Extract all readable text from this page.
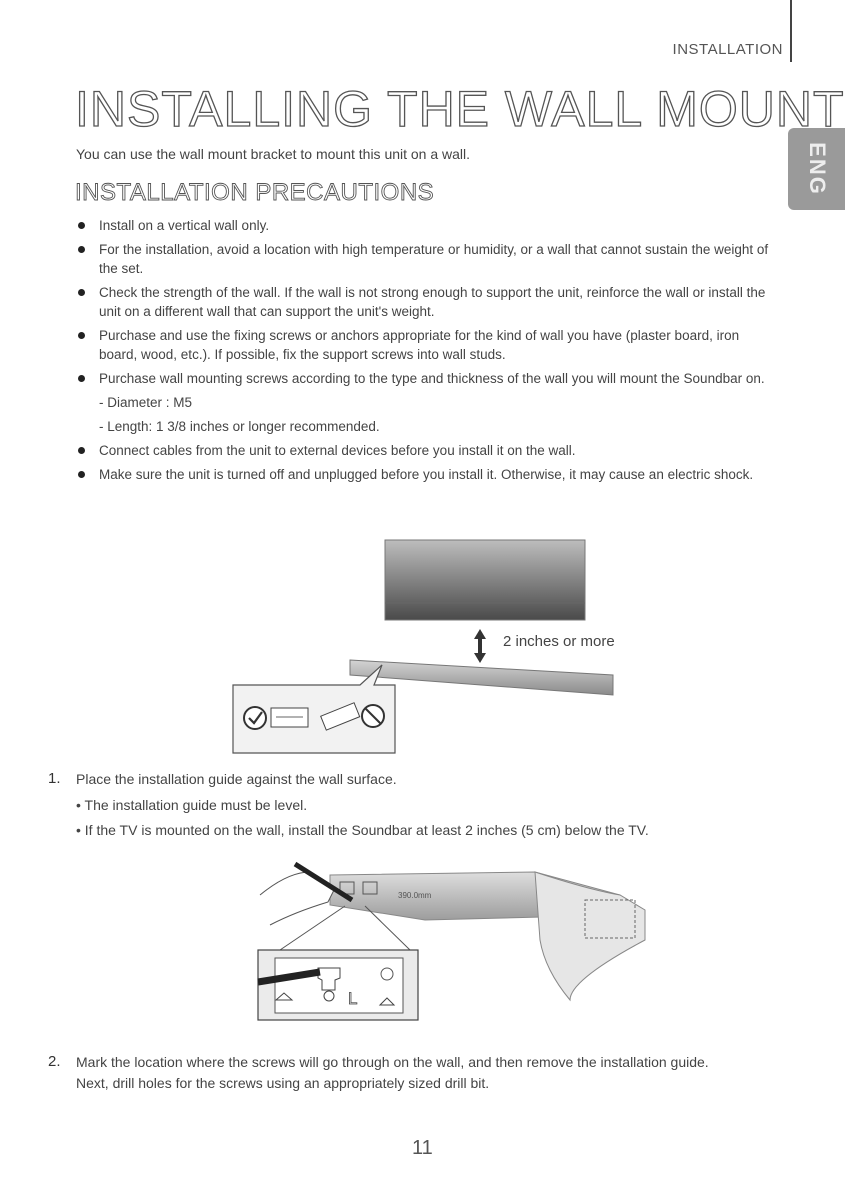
INSTALLATION
ENG
INSTALLING THE WALL MOUNT
You can use the wall mount bracket to mount this unit on a wall.
INSTALLATION PRECAUTIONS
Install on a vertical wall only.
For the installation, avoid a location with high temperature or humidity, or a wall that cannot sustain the weight of the set.
Check the strength of the wall. If the wall is not strong enough to support the unit, reinforce the wall or install the unit on a different wall that can support the unit's weight.
Purchase and use the fixing screws or anchors appropriate for the kind of wall you have (plaster board, iron board, wood, etc.). If possible, fix the support screws into wall studs.
Purchase wall mounting screws according to the type and thickness of the wall you will mount the Soundbar on.
- Diameter : M5
- Length: 1 3/8 inches or longer recommended.
Connect cables from the unit to external devices before you install it on the wall.
Make sure the unit is turned off and unplugged before you install it. Otherwise, it may cause an electric shock.
2 inches or more
1. Place the installation guide against the wall surface.
• The installation guide must be level.
• If the TV is mounted on the wall, install the Soundbar at least 2 inches (5 cm) below the TV.
390.0mm
L
2. Mark the location where the screws will go through on the wall, and then remove the installation guide.
Next, drill holes for the screws using an appropriately sized drill bit.
11
